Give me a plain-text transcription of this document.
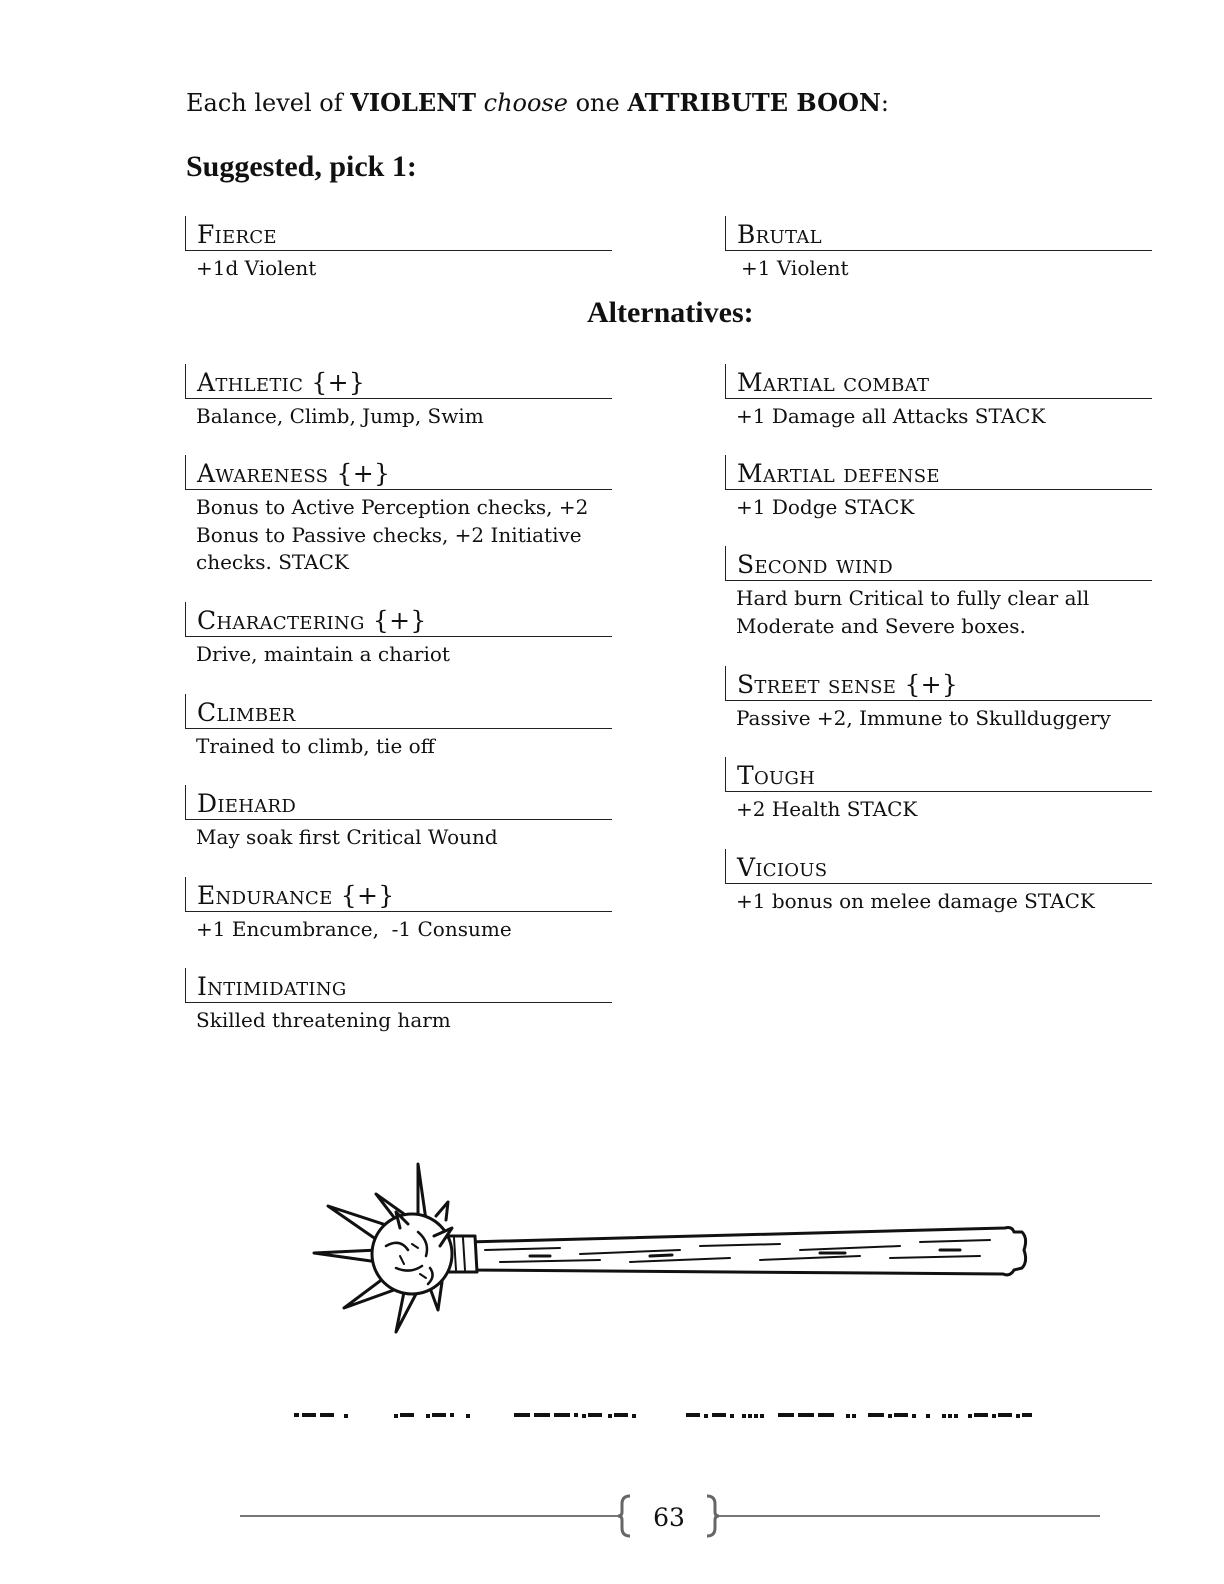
Each level of VIOLENT choose one ATTRIBUTE BOON:
Suggested, pick 1:
Fierce
+1d Violent
Brutal
+1 Violent
Alternatives:
Athletic {+}
Balance, Climb, Jump, Swim
Awareness {+}
Bonus to Active Perception checks, +2 Bonus to Passive checks, +2 Initiative checks. STACK
Charactering {+}
Drive, maintain a chariot
Climber
Trained to climb, tie off
Diehard
May soak first Critical Wound
Endurance {+}
+1 Encumbrance,  -1 Consume
Intimidating
Skilled threatening harm
Martial combat
+1 Damage all Attacks STACK
Martial defense
+1 Dodge STACK
Second wind
Hard burn Critical to fully clear all Moderate and Severe boxes.
Street sense {+}
Passive +2, Immune to Skullduggery
Tough
+2 Health STACK
Vicious
+1 bonus on melee damage STACK
63
